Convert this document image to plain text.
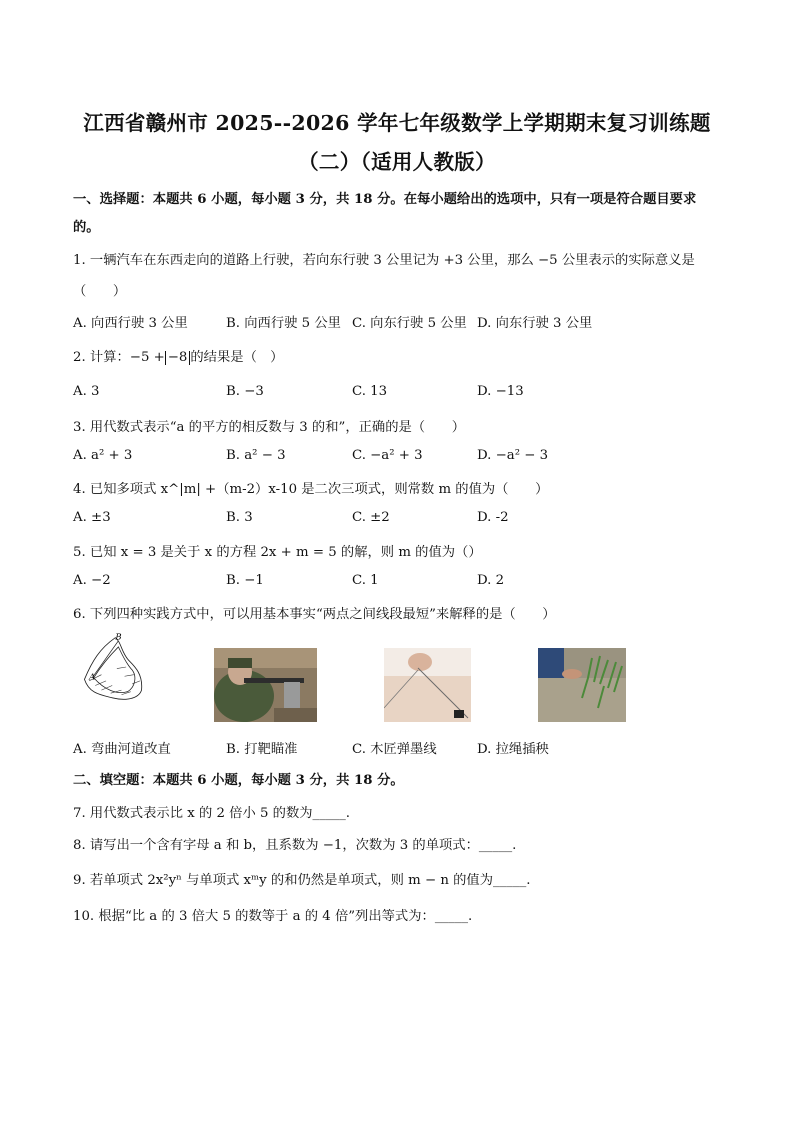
江西省赣州市 2025--2026 学年七年级数学上学期期末复习训练题
（二）（适用人教版）
一、选择题：本题共 6 小题，每小题 3 分，共 18 分。在每小题给出的选项中，只有一项是符合题目要求
的。
1. 一辆汽车在东西走向的道路上行驶，若向东行驶 3 公里记为 +3 公里，那么 −5 公里表示的实际意义是
（　　）
A. 向西行驶 3 公里	B. 向西行驶 5 公里 C. 向东行驶 5 公里 D. 向东行驶 3 公里
2. 计算：−5 + −8 的结果是（　）
A. 3	B. −3	C. 13	D. −13
3. 用代数式表示“a 的平方的相反数与 3 的和”，正确的是（　　）
A. a² + 3	B. a² − 3	C. −a² + 3	D. −a² − 3
4. 已知多项式 x^|m| +（m-2）x-10 是二次三项式，则常数 m 的值为（　　）
A. ±3	B. 3	C. ±2	D. -2
5. 已知 x = 3 是关于 x 的方程 2x + m = 5 的解，则 m 的值为（）
A. −2	B. −1	C. 1	D. 2
6. 下列四种实践方式中，可以用基本事实“两点之间线段最短”来解释的是（　　）
B
A
A. 弯曲河道改直	B. 打靶瞄准	C. 木匠弹墨线	D. 拉绳插秧
二、填空题：本题共 6 小题，每小题 3 分，共 18 分。
7. 用代数式表示比 x 的 2 倍小 5 的数为_____.
8. 请写出一个含有字母 a 和 b，且系数为 −1，次数为 3 的单项式：_____.
9. 若单项式 2x²yⁿ 与单项式 xᵐy 的和仍然是单项式，则 m − n 的值为_____.
10. 根据“比 a 的 3 倍大 5 的数等于 a 的 4 倍”列出等式为：_____.
